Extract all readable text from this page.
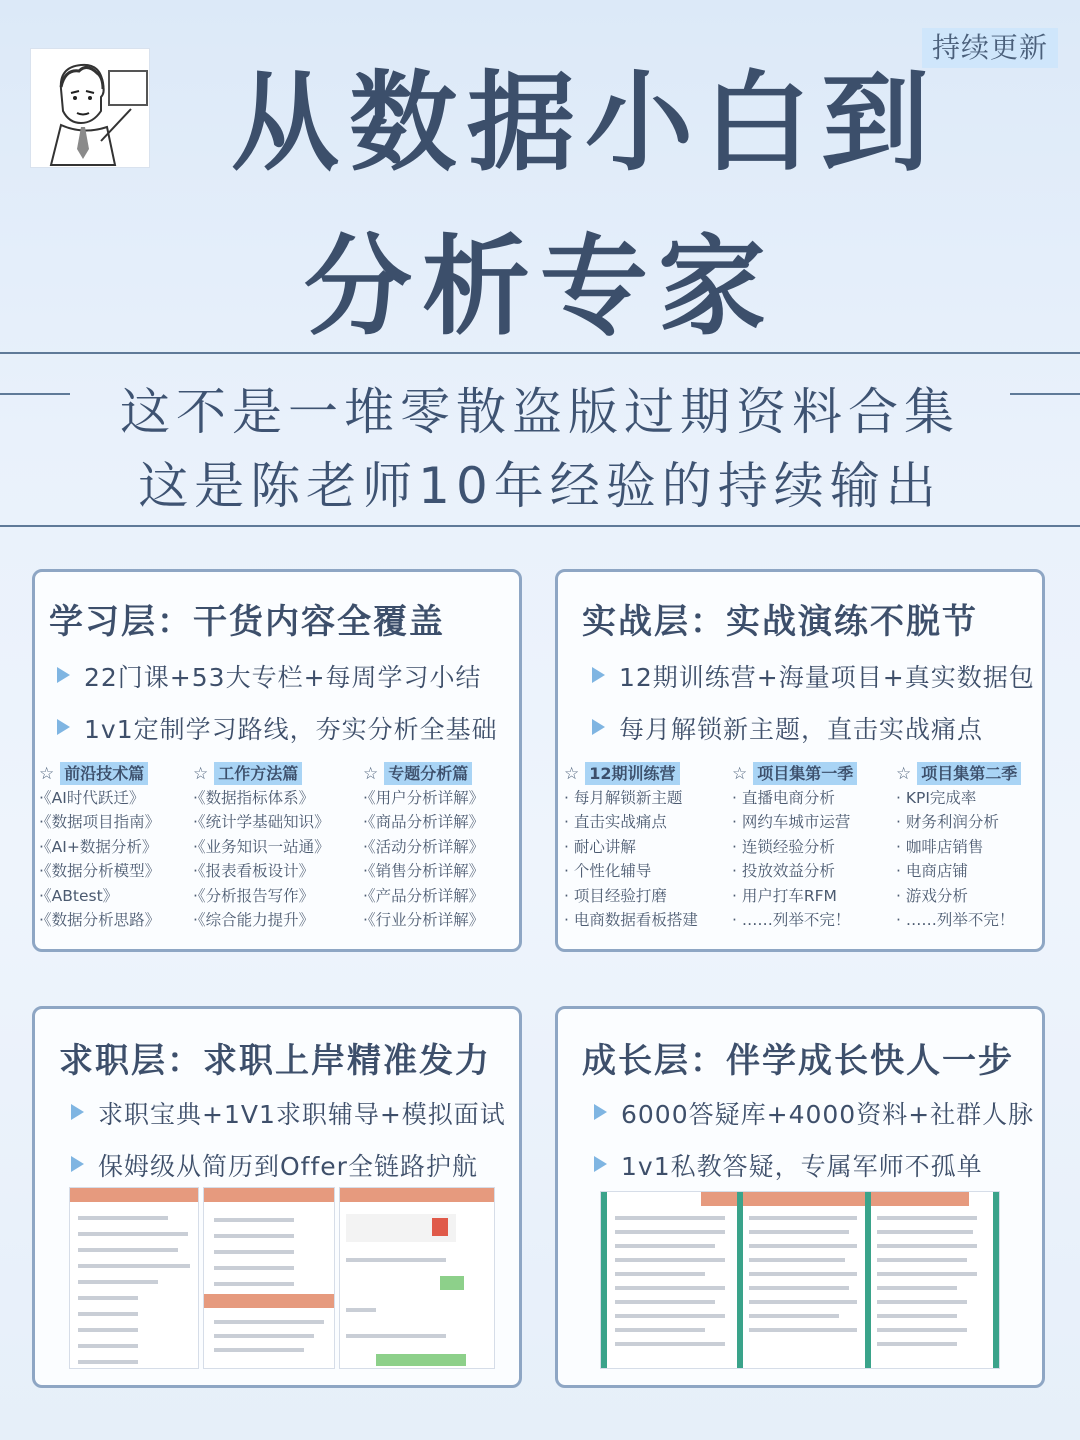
持续更新
从数据小白到
分析专家
这不是一堆零散盗版过期资料合集
这是陈老师10年经验的持续输出
学习层：干货内容全覆盖
22门课+53大专栏+每周学习小结
1v1定制学习路线，夯实分析全基础
☆ 前沿技术篇
·《AI时代跃迁》
·《数据项目指南》
·《AI+数据分析》
·《数据分析模型》
·《ABtest》
·《数据分析思路》
☆ 工作方法篇
·《数据指标体系》
·《统计学基础知识》
·《业务知识一站通》
·《报表看板设计》
·《分析报告写作》
·《综合能力提升》
☆ 专题分析篇
·《用户分析详解》
·《商品分析详解》
·《活动分析详解》
·《销售分析详解》
·《产品分析详解》
·《行业分析详解》
实战层：实战演练不脱节
12期训练营+海量项目+真实数据包
每月解锁新主题，直击实战痛点
☆ 12期训练营
· 每月解锁新主题
· 直击实战痛点
· 耐心讲解
· 个性化辅导
· 项目经验打磨
· 电商数据看板搭建
☆ 项目集第一季
· 直播电商分析
· 网约车城市运营
· 连锁经验分析
· 投放效益分析
· 用户打车RFM
· ……列举不完！
☆ 项目集第二季
· KPI完成率
· 财务利润分析
· 咖啡店销售
· 电商店铺
· 游戏分析
· ……列举不完！
求职层：求职上岸精准发力
求职宝典+1V1求职辅导+模拟面试
保姆级从简历到Offer全链路护航
成长层：伴学成长快人一步
6000答疑库+4000资料+社群人脉
1v1私教答疑，专属军师不孤单
